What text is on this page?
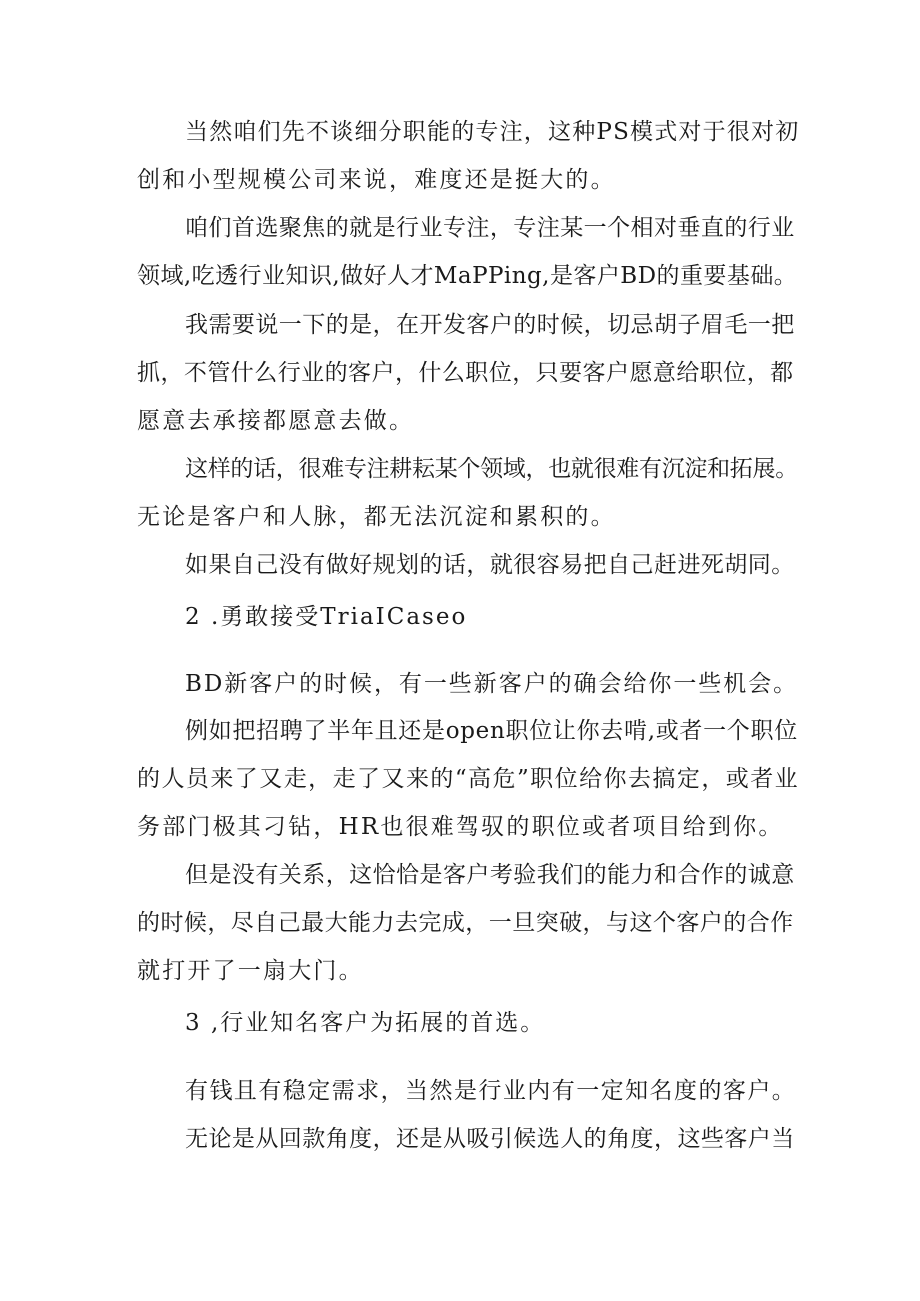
当然咱们先不谈细分职能的专注，这种PS模式对于很对初
创和小型规模公司来说，难度还是挺大的。
咱们首选聚焦的就是行业专注，专注某一个相对垂直的行业
领域,吃透行业知识,做好人才MaPPing,是客户BD的重要基础。
我需要说一下的是，在开发客户的时候，切忌胡子眉毛一把
抓，不管什么行业的客户，什么职位，只要客户愿意给职位，都
愿意去承接都愿意去做。
这样的话，很难专注耕耘某个领域，也就很难有沉淀和拓展。
无论是客户和人脉，都无法沉淀和累积的。
如果自己没有做好规划的话，就很容易把自己赶进死胡同。
2 .勇敢接受TriaICaseo
BD新客户的时候，有一些新客户的确会给你一些机会。
例如把招聘了半年且还是open职位让你去啃,或者一个职位
的人员来了又走，走了又来的“高危”职位给你去搞定，或者业
务部门极其刁钻，HR也很难驾驭的职位或者项目给到你。
但是没有关系，这恰恰是客户考验我们的能力和合作的诚意
的时候，尽自己最大能力去完成，一旦突破，与这个客户的合作
就打开了一扇大门。
3 ,行业知名客户为拓展的首选。
有钱且有稳定需求，当然是行业内有一定知名度的客户。
无论是从回款角度，还是从吸引候选人的角度，这些客户当
